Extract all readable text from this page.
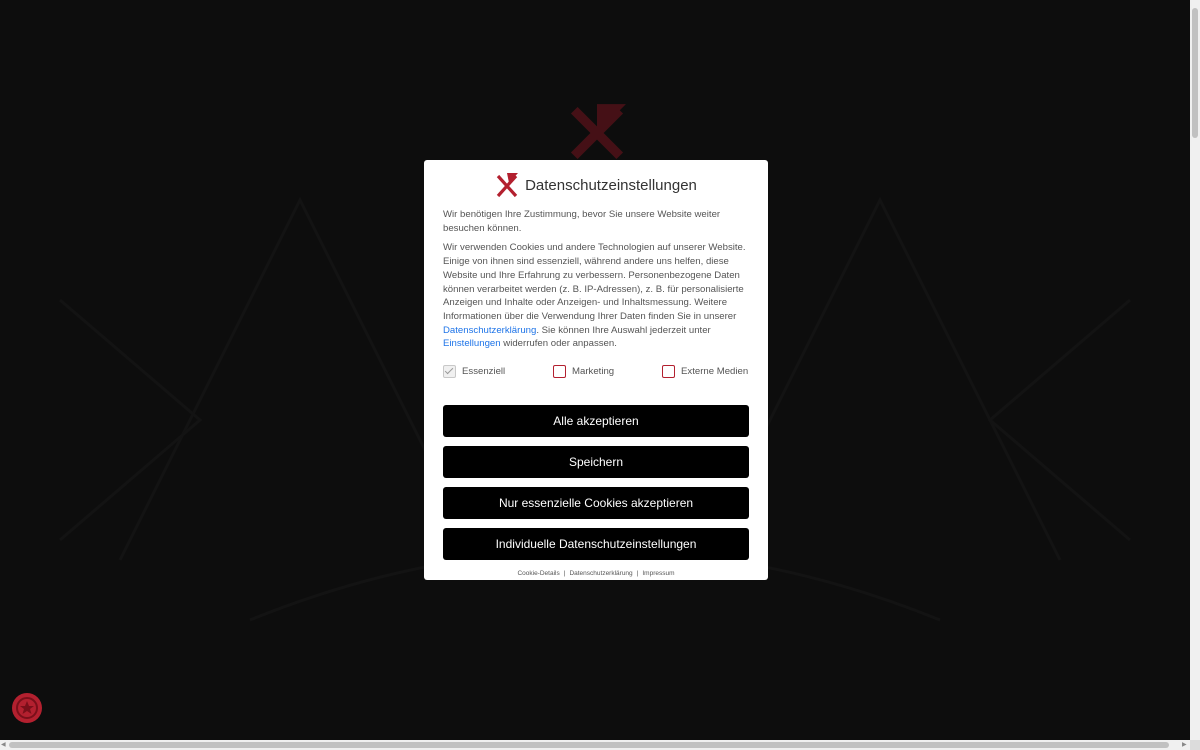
Datenschutzeinstellungen

Wir benötigen Ihre Zustimmung, bevor Sie unsere Website weiter besuchen können.

Wir verwenden Cookies und andere Technologien auf unserer Website. Einige von ihnen sind essenziell, während andere uns helfen, diese Website und Ihre Erfahrung zu verbessern. Personenbezogene Daten können verarbeitet werden (z. B. IP-Adressen), z. B. für personalisierte Anzeigen und Inhalte oder Anzeigen- und Inhaltsmessung. Weitere Informationen über die Verwendung Ihrer Daten finden Sie in unserer Datenschutzerklärung. Sie können Ihre Auswahl jederzeit unter Einstellungen widerrufen oder anpassen.

Essenziell	Marketing	Externe Medien
Alle akzeptieren
Speichern
Nur essenzielle Cookies akzeptieren
Individuelle Datenschutzeinstellungen
Cookie-Details | Datenschutzerklärung | Impressum
◀	▶
